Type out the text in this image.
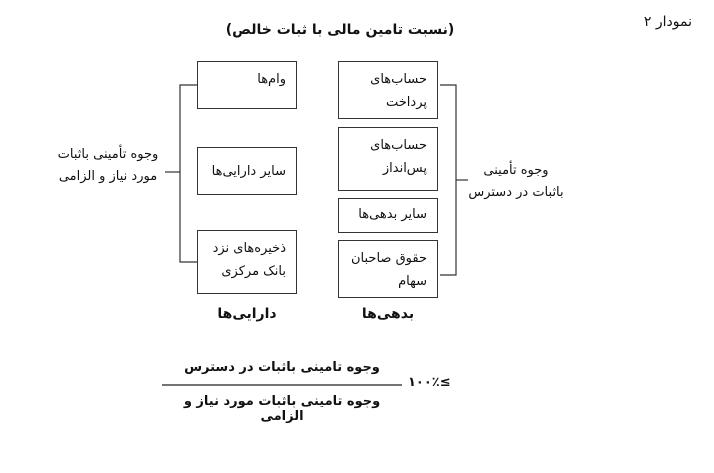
نمودار ۲
(نسبت تامین مالی با ثبات خالص)
وام‌ها
سایر دارایی‌ها
ذخیره‌های نزد بانک مرکزی
حساب‌های پرداخت
حساب‌های پس‌انداز
سایر بدهی‌ها
حقوق صاحبان سهام
دارایی‌ها	بدهی‌ها
وجوه تأمینی باثبات مورد نیاز و الزامی	وجوه تأمینی باثبات در دسترس
وجوه تامینی باثبات در دسترس
وجوه تامینی باثبات مورد نیاز و الزامی
≥۱۰۰٪
